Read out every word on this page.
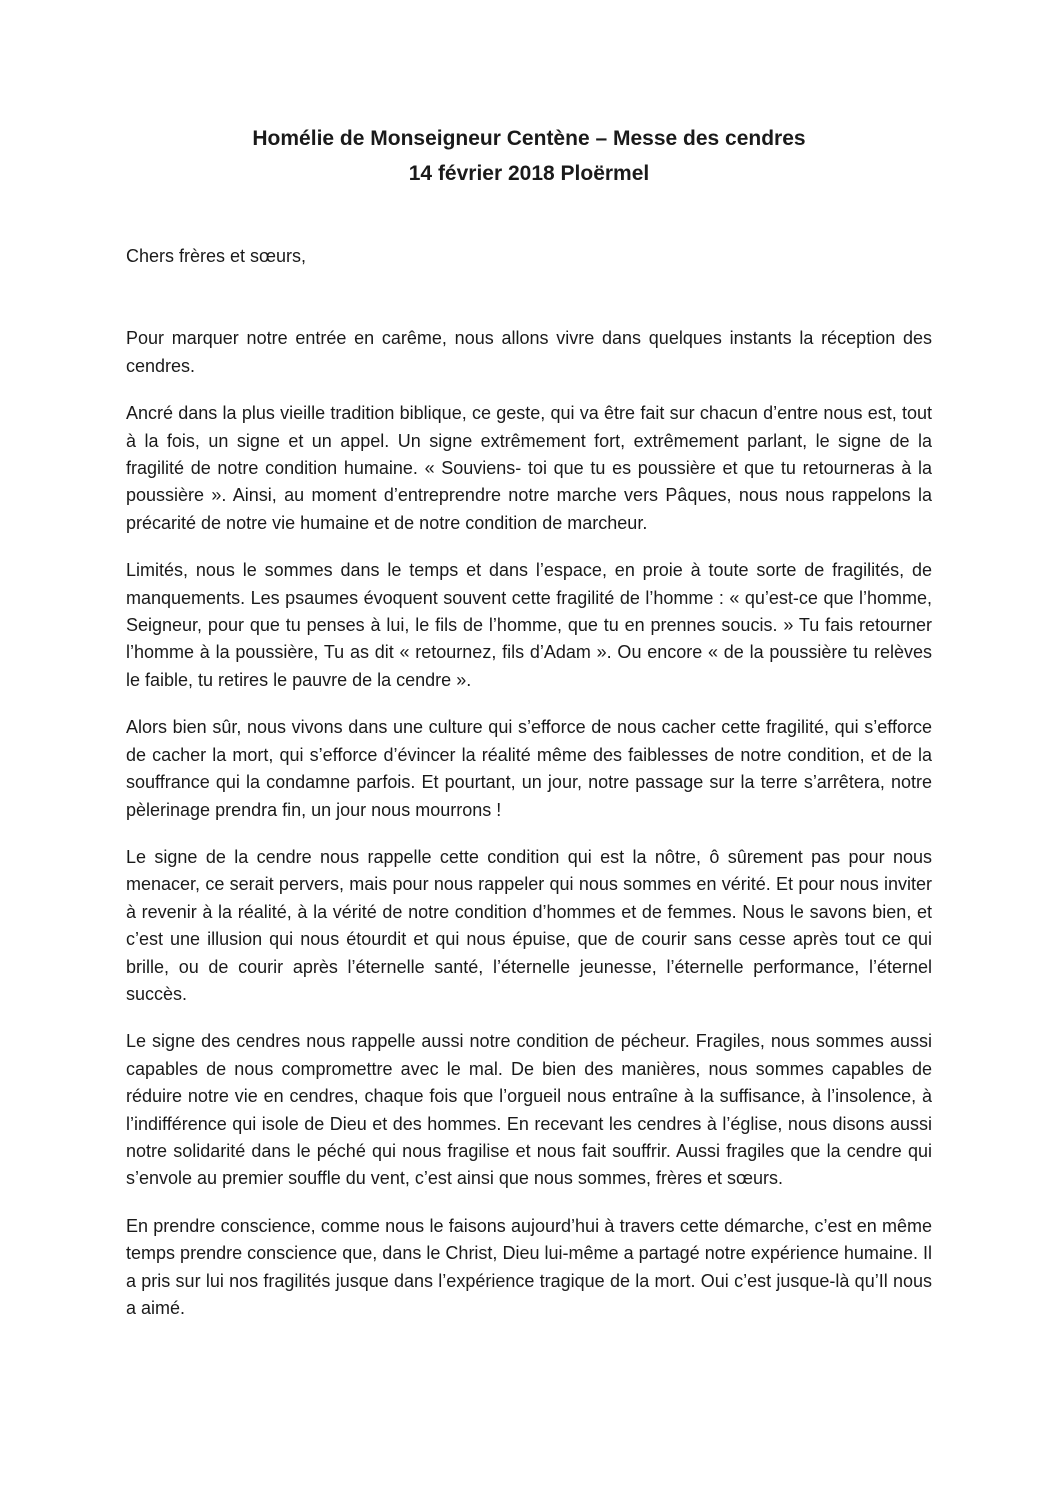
Homélie de Monseigneur Centène – Messe des cendres
14 février 2018 Ploërmel

Chers frères et sœurs,

Pour marquer notre entrée en carême, nous allons vivre dans quelques instants la réception des cendres.

Ancré dans la plus vieille tradition biblique, ce geste, qui va être fait sur chacun d’entre nous est, tout à la fois, un signe et un appel. Un signe extrêmement fort, extrêmement parlant, le signe de la fragilité de notre condition humaine. « Souviens- toi que tu es poussière et que tu retourneras à la poussière ». Ainsi, au moment d’entreprendre notre marche vers Pâques, nous nous rappelons la précarité de notre vie humaine et de notre condition de marcheur.

Limités, nous le sommes dans le temps et dans l’espace, en proie à toute sorte de fragilités, de manquements. Les psaumes évoquent souvent cette fragilité de l’homme : « qu’est-ce que l’homme, Seigneur, pour que tu penses à lui, le fils de l’homme, que tu en prennes soucis. » Tu fais retourner l’homme à la poussière, Tu as dit « retournez, fils d’Adam ». Ou encore « de la poussière tu relèves le faible, tu retires le pauvre de la cendre ».

Alors bien sûr, nous vivons dans une culture qui s’efforce de nous cacher cette fragilité, qui s’efforce de cacher la mort, qui s’efforce d’évincer la réalité même des faiblesses de notre condition, et de la souffrance qui la condamne parfois. Et pourtant, un jour, notre passage sur la terre s’arrêtera, notre pèlerinage prendra fin, un jour nous mourrons !

Le signe de la cendre nous rappelle cette condition qui est la nôtre, ô sûrement pas pour nous menacer, ce serait pervers, mais pour nous rappeler qui nous sommes en vérité. Et pour nous inviter à revenir à la réalité, à la vérité de notre condition d’hommes et de femmes. Nous le savons bien, et c’est une illusion qui nous étourdit et qui nous épuise, que de courir sans cesse après tout ce qui brille, ou de courir après l’éternelle santé, l’éternelle jeunesse, l’éternelle performance, l’éternel succès.

Le signe des cendres nous rappelle aussi notre condition de pécheur. Fragiles, nous sommes aussi capables de nous compromettre avec le mal. De bien des manières, nous sommes capables de réduire notre vie en cendres, chaque fois que l’orgueil nous entraîne à la suffisance, à l’insolence, à l’indifférence qui isole de Dieu et des hommes. En recevant les cendres à l’église, nous disons aussi notre solidarité dans le péché qui nous fragilise et nous fait souffrir. Aussi fragiles que la cendre qui s’envole au premier souffle du vent, c’est ainsi que nous sommes, frères et sœurs.

En prendre conscience, comme nous le faisons aujourd’hui à travers cette démarche, c’est en même temps prendre conscience que, dans le Christ, Dieu lui-même a partagé notre expérience humaine. Il a pris sur lui nos fragilités jusque dans l’expérience tragique de la mort. Oui c’est jusque-là qu’Il nous a aimé.
